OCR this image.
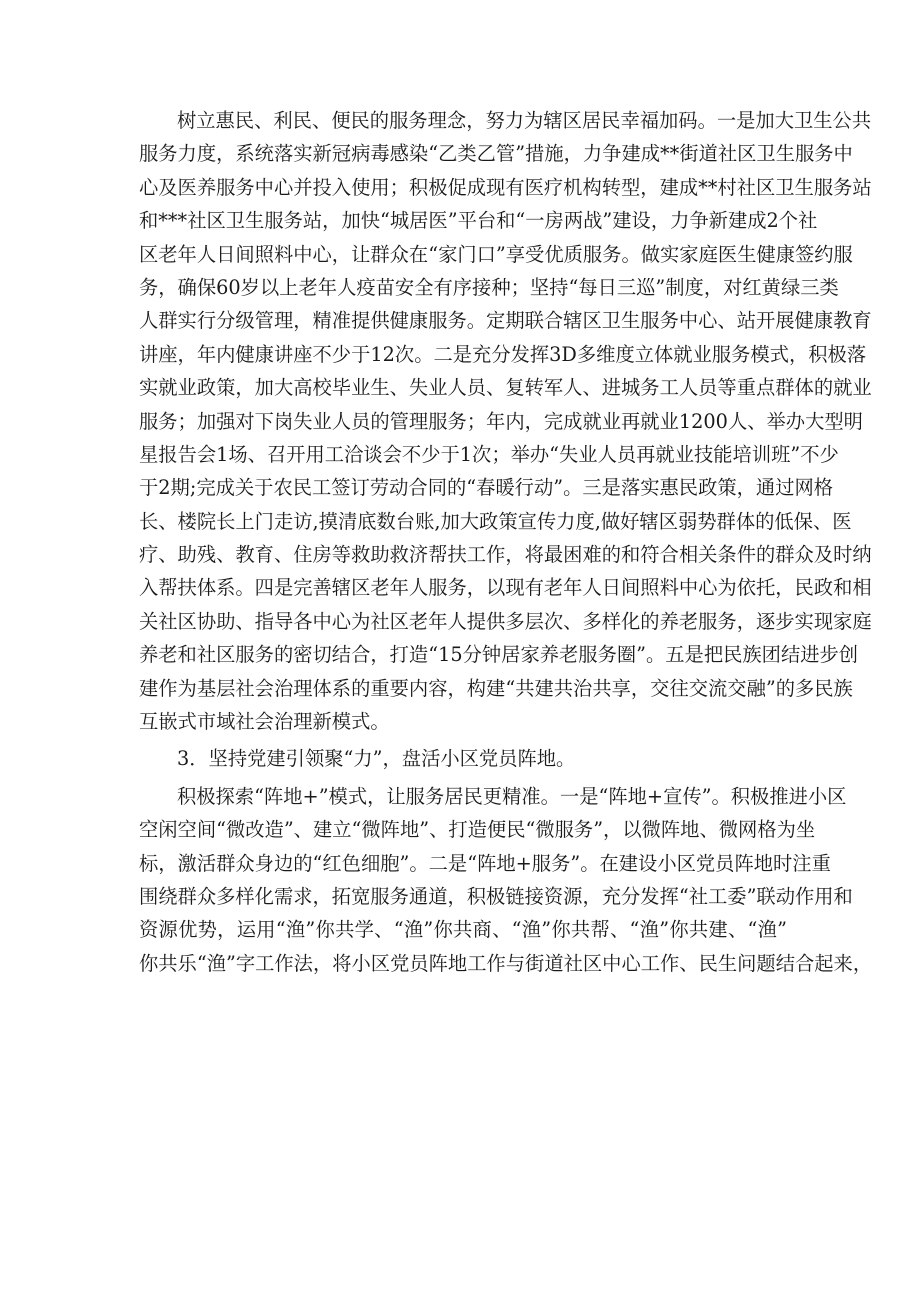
树立惠民、利民、便民的服务理念，努力为辖区居民幸福加码。一是加大卫生公共
服务力度，系统落实新冠病毒感染“乙类乙管”措施，力争建成**街道社区卫生服务中
心及医养服务中心并投入使用；积极促成现有医疗机构转型，建成**村社区卫生服务站
和***社区卫生服务站，加快“城居医”平台和“一房两战”建设，力争新建成2个社
区老年人日间照料中心，让群众在“家门口”享受优质服务。做实家庭医生健康签约服
务，确保60岁以上老年人疫苗安全有序接种；坚持“每日三巡”制度，对红黄绿三类
人群实行分级管理，精准提供健康服务。定期联合辖区卫生服务中心、站开展健康教育
讲座，年内健康讲座不少于12次。二是充分发挥3D多维度立体就业服务模式，积极落
实就业政策，加大高校毕业生、失业人员、复转军人、进城务工人员等重点群体的就业
服务；加强对下岗失业人员的管理服务；年内，完成就业再就业1200人、举办大型明
星报告会1场、召开用工洽谈会不少于1次；举办“失业人员再就业技能培训班”不少
于2期;完成关于农民工签订劳动合同的“春暖行动”。三是落实惠民政策，通过网格
长、楼院长上门走访,摸清底数台账,加大政策宣传力度,做好辖区弱势群体的低保、医
疗、助残、教育、住房等救助救济帮扶工作，将最困难的和符合相关条件的群众及时纳
入帮扶体系。四是完善辖区老年人服务，以现有老年人日间照料中心为依托，民政和相
关社区协助、指导各中心为社区老年人提供多层次、多样化的养老服务，逐步实现家庭
养老和社区服务的密切结合，打造“15分钟居家养老服务圈”。五是把民族团结进步创
建作为基层社会治理体系的重要内容，构建“共建共治共享，交往交流交融”的多民族
互嵌式市域社会治理新模式。
3．坚持党建引领聚“力”，盘活小区党员阵地。
积极探索“阵地+”模式，让服务居民更精准。一是“阵地+宣传”。积极推进小区
空闲空间“微改造”、建立“微阵地”、打造便民“微服务”，以微阵地、微网格为坐
标，激活群众身边的“红色细胞”。二是“阵地+服务”。在建设小区党员阵地时注重
围绕群众多样化需求，拓宽服务通道，积极链接资源，充分发挥“社工委”联动作用和
资源优势，运用“渔”你共学、“渔”你共商、“渔”你共帮、“渔”你共建、“渔”
你共乐“渔”字工作法，将小区党员阵地工作与街道社区中心工作、民生问题结合起来，
